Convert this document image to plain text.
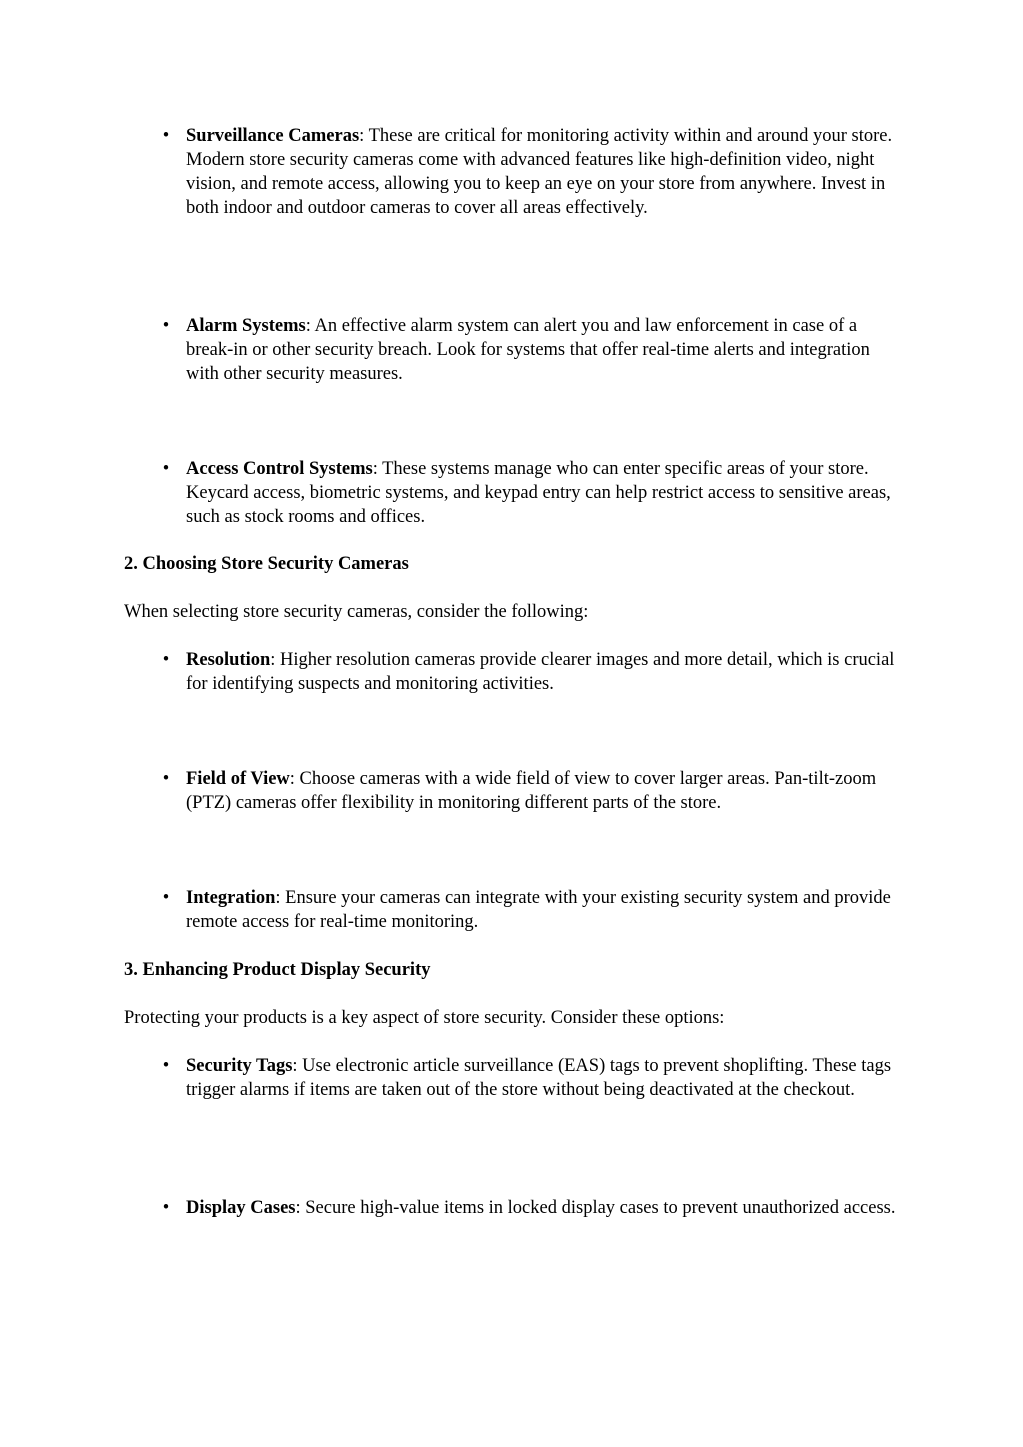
• Surveillance Cameras: These are critical for monitoring activity within and around your store. Modern store security cameras come with advanced features like high-definition video, night vision, and remote access, allowing you to keep an eye on your store from anywhere. Invest in both indoor and outdoor cameras to cover all areas effectively.
• Alarm Systems: An effective alarm system can alert you and law enforcement in case of a break-in or other security breach. Look for systems that offer real-time alerts and integration with other security measures.
• Access Control Systems: These systems manage who can enter specific areas of your store. Keycard access, biometric systems, and keypad entry can help restrict access to sensitive areas, such as stock rooms and offices.
2. Choosing Store Security Cameras
When selecting store security cameras, consider the following:
• Resolution: Higher resolution cameras provide clearer images and more detail, which is crucial for identifying suspects and monitoring activities.
• Field of View: Choose cameras with a wide field of view to cover larger areas. Pan-tilt-zoom (PTZ) cameras offer flexibility in monitoring different parts of the store.
• Integration: Ensure your cameras can integrate with your existing security system and provide remote access for real-time monitoring.
3. Enhancing Product Display Security
Protecting your products is a key aspect of store security. Consider these options:
• Security Tags: Use electronic article surveillance (EAS) tags to prevent shoplifting. These tags trigger alarms if items are taken out of the store without being deactivated at the checkout.
• Display Cases: Secure high-value items in locked display cases to prevent unauthorized access.
